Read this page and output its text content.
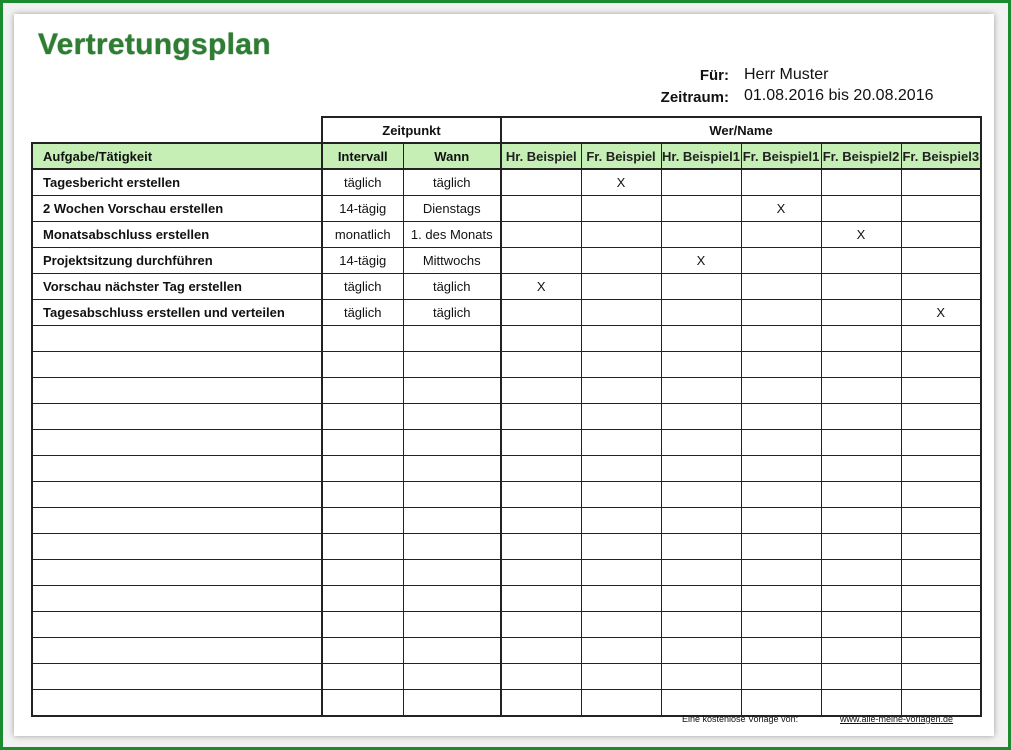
Vertretungsplan
Für: Herr Muster
Zeitraum: 01.08.2016 bis 20.08.2016
	Zeitpunkt		Wer/Name					
Aufgabe/Tätigkeit	Intervall	Wann	Hr. Beispiel	Fr. Beispiel	Hr. Beispiel1	Fr. Beispiel1	Fr. Beispiel2	Fr. Beispiel3
Tagesbericht erstellen	täglich	täglich		X				
2 Wochen Vorschau erstellen	14-tägig	Dienstags				X		
Monatsabschluss erstellen	monatlich	1. des Monats					X	
Projektsitzung durchführen	14-tägig	Mittwochs			X			
Vorschau nächster Tag erstellen	täglich	täglich	X					
Tagesabschluss erstellen und verteilen	täglich	täglich						X

Eine kostenlose Vorlage von:	www.alle-meine-vorlagen.de
